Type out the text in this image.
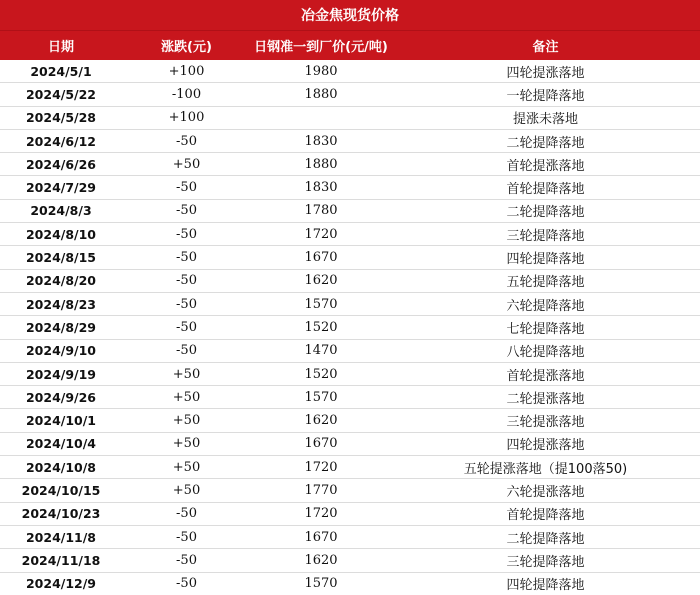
冶金焦现货价格
日期	涨跌(元)	日钢准一到厂价(元/吨)	备注
2024/5/1	+100	1980	四轮提涨落地
2024/5/22	-100	1880	一轮提降落地
2024/5/28	+100		提涨未落地
2024/6/12	-50	1830	二轮提降落地
2024/6/26	+50	1880	首轮提涨落地
2024/7/29	-50	1830	首轮提降落地
2024/8/3	-50	1780	二轮提降落地
2024/8/10	-50	1720	三轮提降落地
2024/8/15	-50	1670	四轮提降落地
2024/8/20	-50	1620	五轮提降落地
2024/8/23	-50	1570	六轮提降落地
2024/8/29	-50	1520	七轮提降落地
2024/9/10	-50	1470	八轮提降落地
2024/9/19	+50	1520	首轮提涨落地
2024/9/26	+50	1570	二轮提涨落地
2024/10/1	+50	1620	三轮提涨落地
2024/10/4	+50	1670	四轮提涨落地
2024/10/8	+50	1720	五轮提涨落地（提100落50)
2024/10/15	+50	1770	六轮提涨落地
2024/10/23	-50	1720	首轮提降落地
2024/11/8	-50	1670	二轮提降落地
2024/11/18	-50	1620	三轮提降落地
2024/12/9	-50	1570	四轮提降落地
